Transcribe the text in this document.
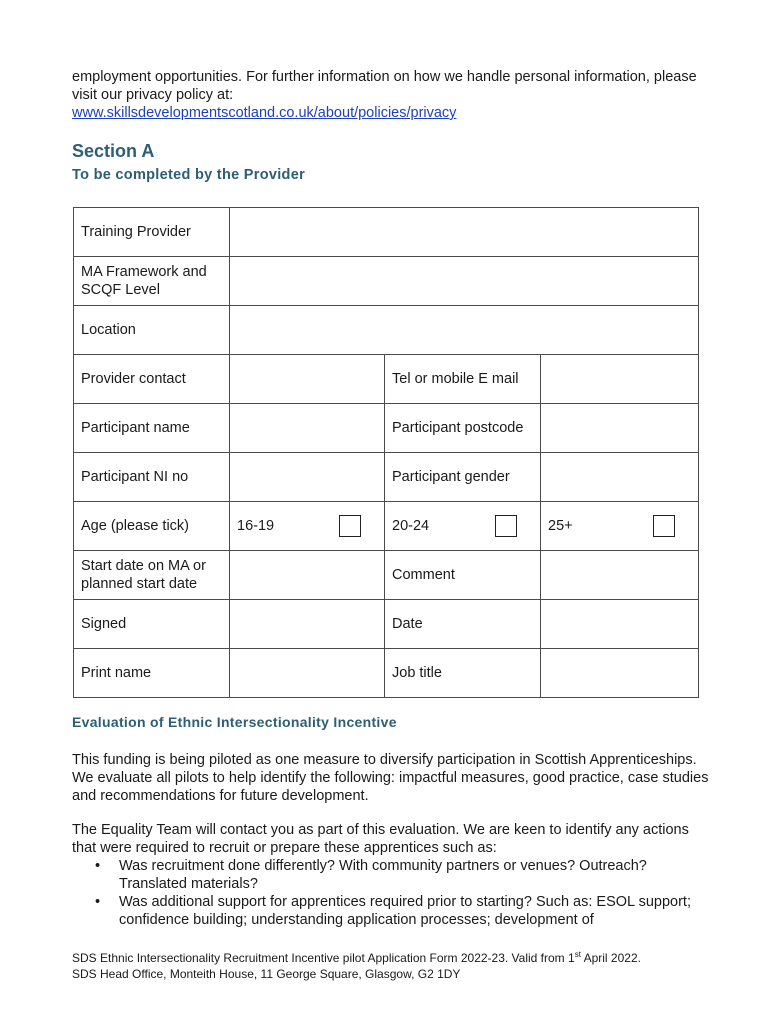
employment opportunities. For further information on how we handle personal information, please visit our privacy policy at:
www.skillsdevelopmentscotland.co.uk/about/policies/privacy

Section A
To be completed by the Provider
Training Provider			
MA Framework and SCQF Level			
Location			
Provider contact		Tel or mobile E mail	
Participant name		Participant postcode	
Participant NI no		Participant gender	
Age (please tick)	16-19	20-24	25+

Start date on MA or planned start date		Comment	
Signed		Date	
Print name		Job title	
Evaluation of Ethnic Intersectionality Incentive

This funding is being piloted as one measure to diversify participation in Scottish Apprenticeships. We evaluate all pilots to help identify the following: impactful measures, good practice, case studies and recommendations for future development.

The Equality Team will contact you as part of this evaluation. We are keen to identify any actions that were required to recruit or prepare these apprentices such as:

• Was recruitment done differently? With community partners or venues? Outreach? Translated materials?
• Was additional support for apprentices required prior to starting? Such as: ESOL support; confidence building; understanding application processes; development of
SDS Ethnic Intersectionality Recruitment Incentive pilot Application Form 2022-23. Valid from 1st April 2022.
SDS Head Office, Monteith House, 11 George Square, Glasgow, G2 1DY
